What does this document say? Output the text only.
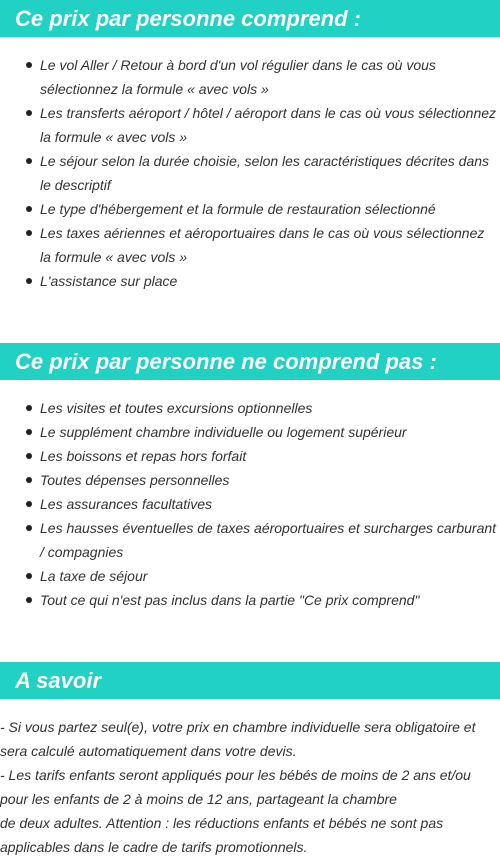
Ce prix par personne comprend :
Le vol Aller / Retour à bord d'un vol régulier dans le cas où vous sélectionnez la formule « avec vols »
Les transferts aéroport / hôtel / aéroport dans le cas où vous sélectionnez la formule « avec vols »
Le séjour selon la durée choisie, selon les caractéristiques décrites dans le descriptif
Le type d'hébergement et la formule de restauration sélectionné
Les taxes aériennes et aéroportuaires dans le cas où vous sélectionnez la formule « avec vols »
L'assistance sur place
Ce prix par personne ne comprend pas :
Les visites et toutes excursions optionnelles
Le supplément chambre individuelle ou logement supérieur
Les boissons et repas hors forfait
Toutes dépenses personnelles
Les assurances facultatives
Les hausses éventuelles de taxes aéroportuaires et surcharges carburant / compagnies
La taxe de séjour
Tout ce qui n'est pas inclus dans la partie "Ce prix comprend"
A savoir

- Si vous partez seul(e), votre prix en chambre individuelle sera obligatoire et sera calculé automatiquement dans votre devis.

- Les tarifs enfants seront appliqués pour les bébés de moins de 2 ans et/ou pour les enfants de 2 à moins de 12 ans, partageant la chambre

de deux adultes. Attention : les réductions enfants et bébés ne sont pas applicables dans le cadre de tarifs promotionnels.
